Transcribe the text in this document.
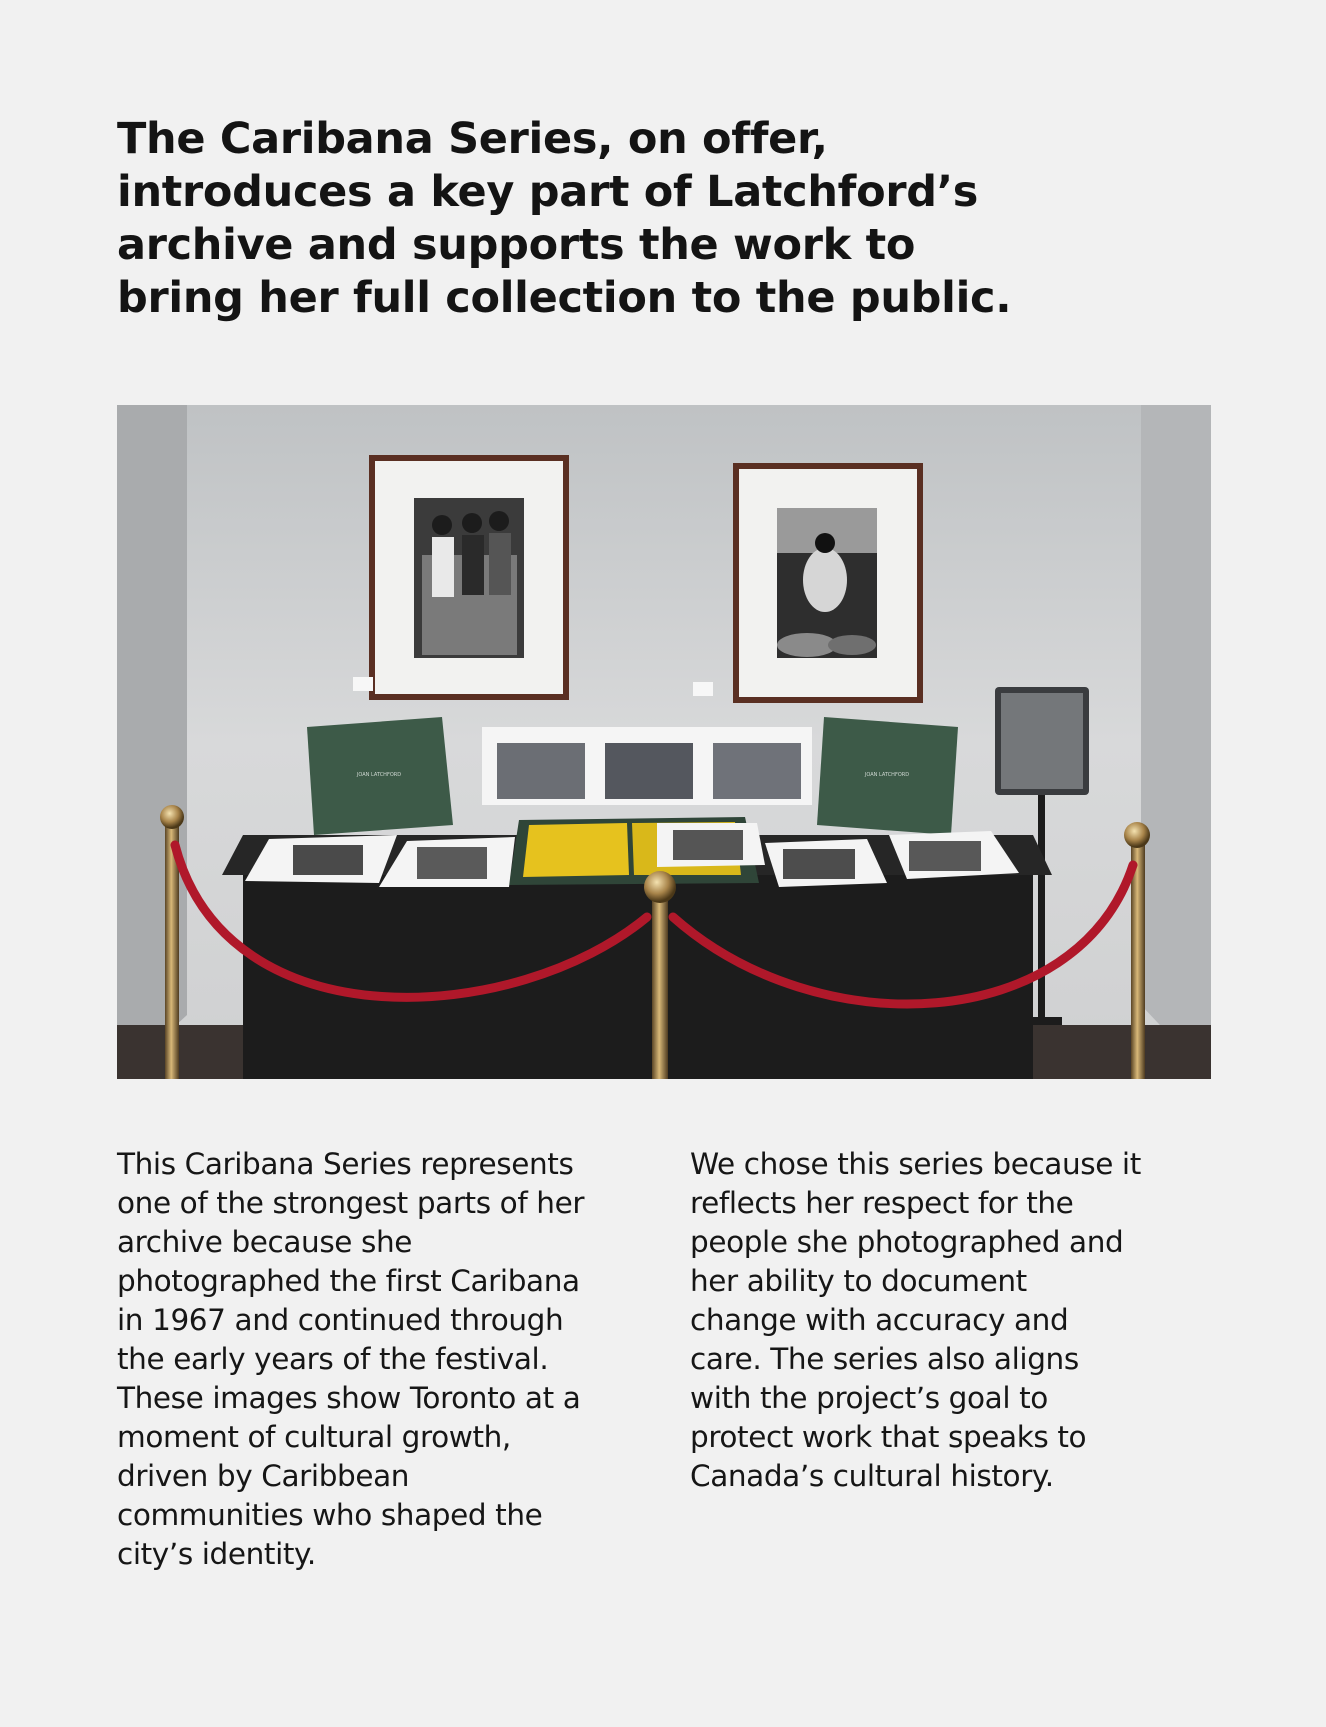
The Caribana Series, on offer,
introduces a key part of Latchford’s
archive and supports the work to
bring her full collection to the public.
JOAN LATCHFORD	JOAN LATCHFORD
This Caribana Series represents
one of the strongest parts of her
archive because she
photographed the first Caribana
in 1967 and continued through
the early years of the festival.
These images show Toronto at a
moment of cultural growth,
driven by Caribbean
communities who shaped the
city’s identity.
We chose this series because it
reflects her respect for the
people she photographed and
her ability to document
change with accuracy and
care. The series also aligns
with the project’s goal to
protect work that speaks to
Canada’s cultural history.
